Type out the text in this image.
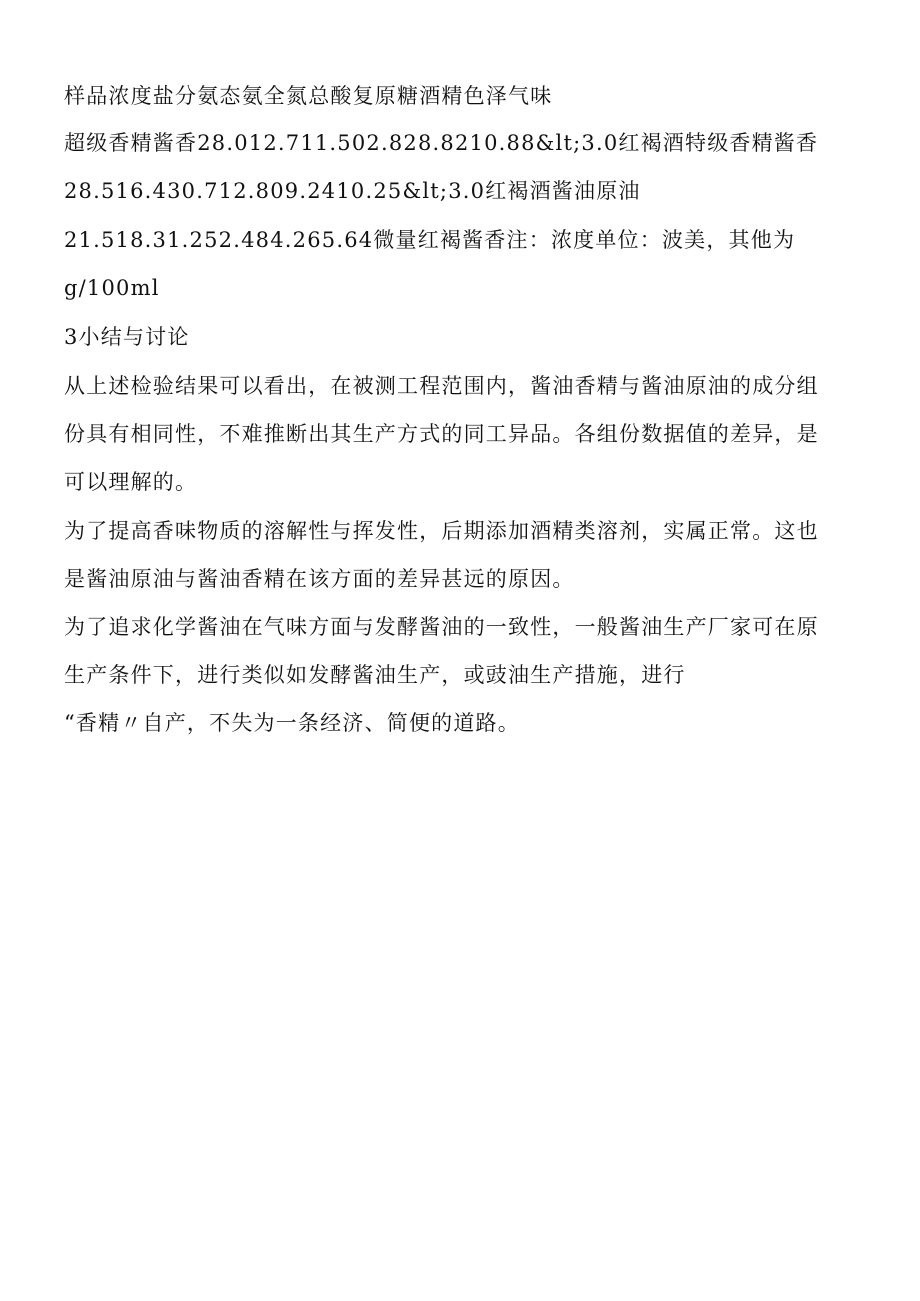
样品浓度盐分氨态氨全氮总酸复原糖酒精色泽气味
超级香精酱香28.012.711.502.828.8210.88&lt;3.0红褐酒特级香精酱香
28.516.430.712.809.2410.25&lt;3.0红褐酒酱油原油
21.518.31.252.484.265.64微量红褐酱香注：浓度单位：波美，其他为
g/100ml
3小结与讨论
从上述检验结果可以看出，在被测工程范围内，酱油香精与酱油原油的成分组
份具有相同性，不难推断出其生产方式的同工异品。各组份数据值的差异，是
可以理解的。
为了提高香味物质的溶解性与挥发性，后期添加酒精类溶剂，实属正常。这也
是酱油原油与酱油香精在该方面的差异甚远的原因。
为了追求化学酱油在气味方面与发酵酱油的一致性，一般酱油生产厂家可在原
生产条件下，进行类似如发酵酱油生产，或豉油生产措施，进行
“香精〃自产，不失为一条经济、简便的道路。
